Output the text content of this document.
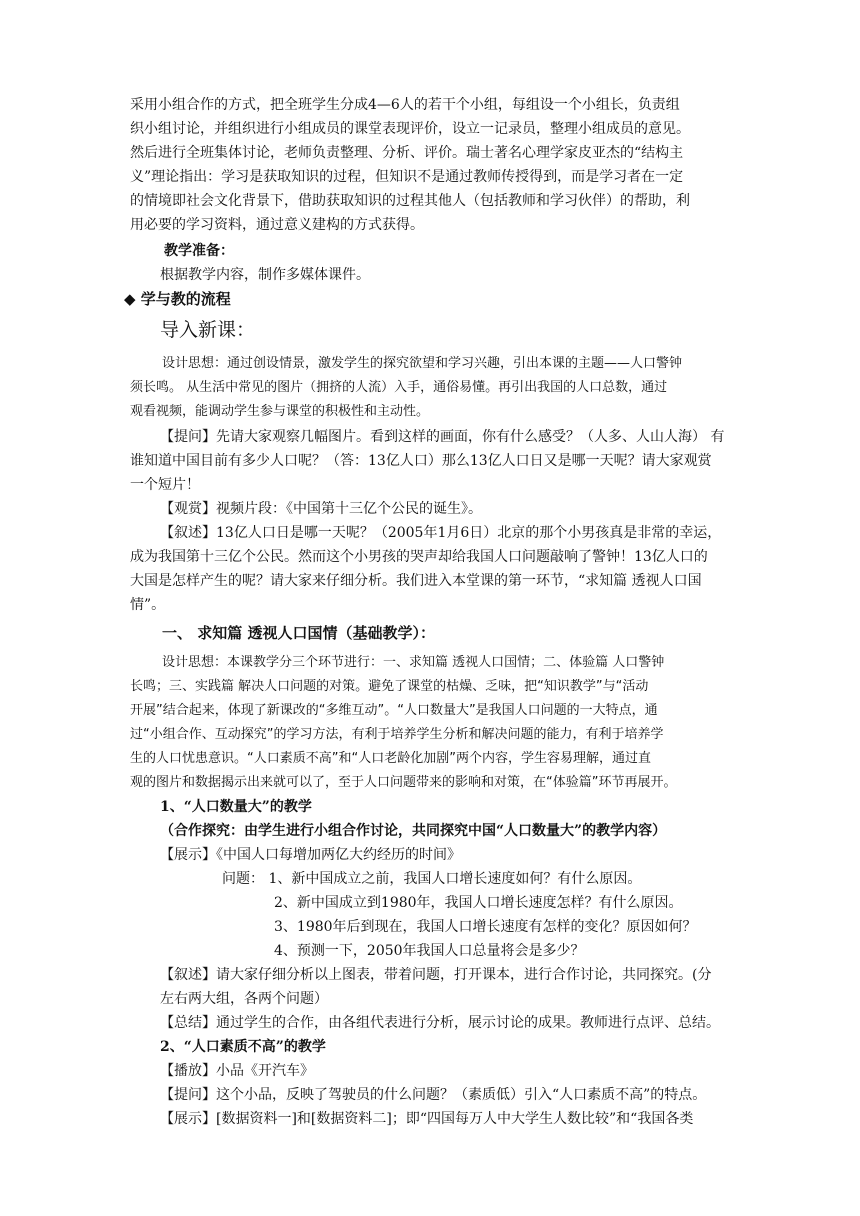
采用小组合作的方式，把全班学生分成4—6人的若干个小组，每组设一个小组长，负责组
织小组讨论，并组织进行小组成员的课堂表现评价，设立一记录员，整理小组成员的意见。
然后进行全班集体讨论，老师负责整理、分析、评价。瑞士著名心理学家皮亚杰的“结构主
义”理论指出：学习是获取知识的过程，但知识不是通过教师传授得到，而是学习者在一定
的情境即社会文化背景下，借助获取知识的过程其他人（包括教师和学习伙伴）的帮助，利
用必要的学习资料，通过意义建构的方式获得。
教学准备：
根据教学内容，制作多媒体课件。
◆ 学与教的流程
导入新课：
设计思想：通过创设情景，激发学生的探究欲望和学习兴趣，引出本课的主题——人口警钟
须长鸣。 从生活中常见的图片（拥挤的人流）入手，通俗易懂。再引出我国的人口总数，通过
观看视频，能调动学生参与课堂的积极性和主动性。
【提问】先请大家观察几幅图片。看到这样的画面，你有什么感受？（人多、人山人海） 有
谁知道中国目前有多少人口呢？（答：13亿人口）那么13亿人口日又是哪一天呢？请大家观赏
一个短片！
【观赏】视频片段：《中国第十三亿个公民的诞生》。
【叙述】13亿人口日是哪一天呢？（2005年1月6日）北京的那个小男孩真是非常的幸运，
成为我国第十三亿个公民。然而这个小男孩的哭声却给我国人口问题敲响了警钟！13亿人口的
大国是怎样产生的呢？请大家来仔细分析。我们进入本堂课的第一环节，“求知篇 透视人口国
情”。
一、 求知篇 透视人口国情（基础教学）：
设计思想：本课教学分三个环节进行：一、求知篇 透视人口国情；二、体验篇 人口警钟
长鸣；三、实践篇 解决人口问题的对策。避免了课堂的枯燥、乏味，把“知识教学”与“活动
开展”结合起来，体现了新课改的“多维互动”。“人口数量大”是我国人口问题的一大特点，通
过“小组合作、互动探究”的学习方法，有利于培养学生分析和解决问题的能力，有利于培养学
生的人口忧患意识。“人口素质不高”和“人口老龄化加剧”两个内容，学生容易理解，通过直
观的图片和数据揭示出来就可以了，至于人口问题带来的影响和对策，在“体验篇”环节再展开。
1、“人口数量大”的教学
（合作探究：由学生进行小组合作讨论，共同探究中国“人口数量大”的教学内容）
【展示】《中国人口每增加两亿大约经历的时间》
问题： 1、新中国成立之前，我国人口增长速度如何？有什么原因。
2、新中国成立到1980年，我国人口增长速度怎样？有什么原因。
3、1980年后到现在，我国人口增长速度有怎样的变化？原因如何？
4、预测一下，2050年我国人口总量将会是多少？
【叙述】请大家仔细分析以上图表，带着问题，打开课本，进行合作讨论，共同探究。(分
左右两大组，各两个问题）
【总结】通过学生的合作，由各组代表进行分析，展示讨论的成果。教师进行点评、总结。
2、“人口素质不高”的教学
【播放】小品《开汽车》
【提问】这个小品，反映了驾驶员的什么问题？（素质低）引入“人口素质不高”的特点。
【展示】[数据资料一]和[数据资料二]；即“四国每万人中大学生人数比较”和“我国各类
